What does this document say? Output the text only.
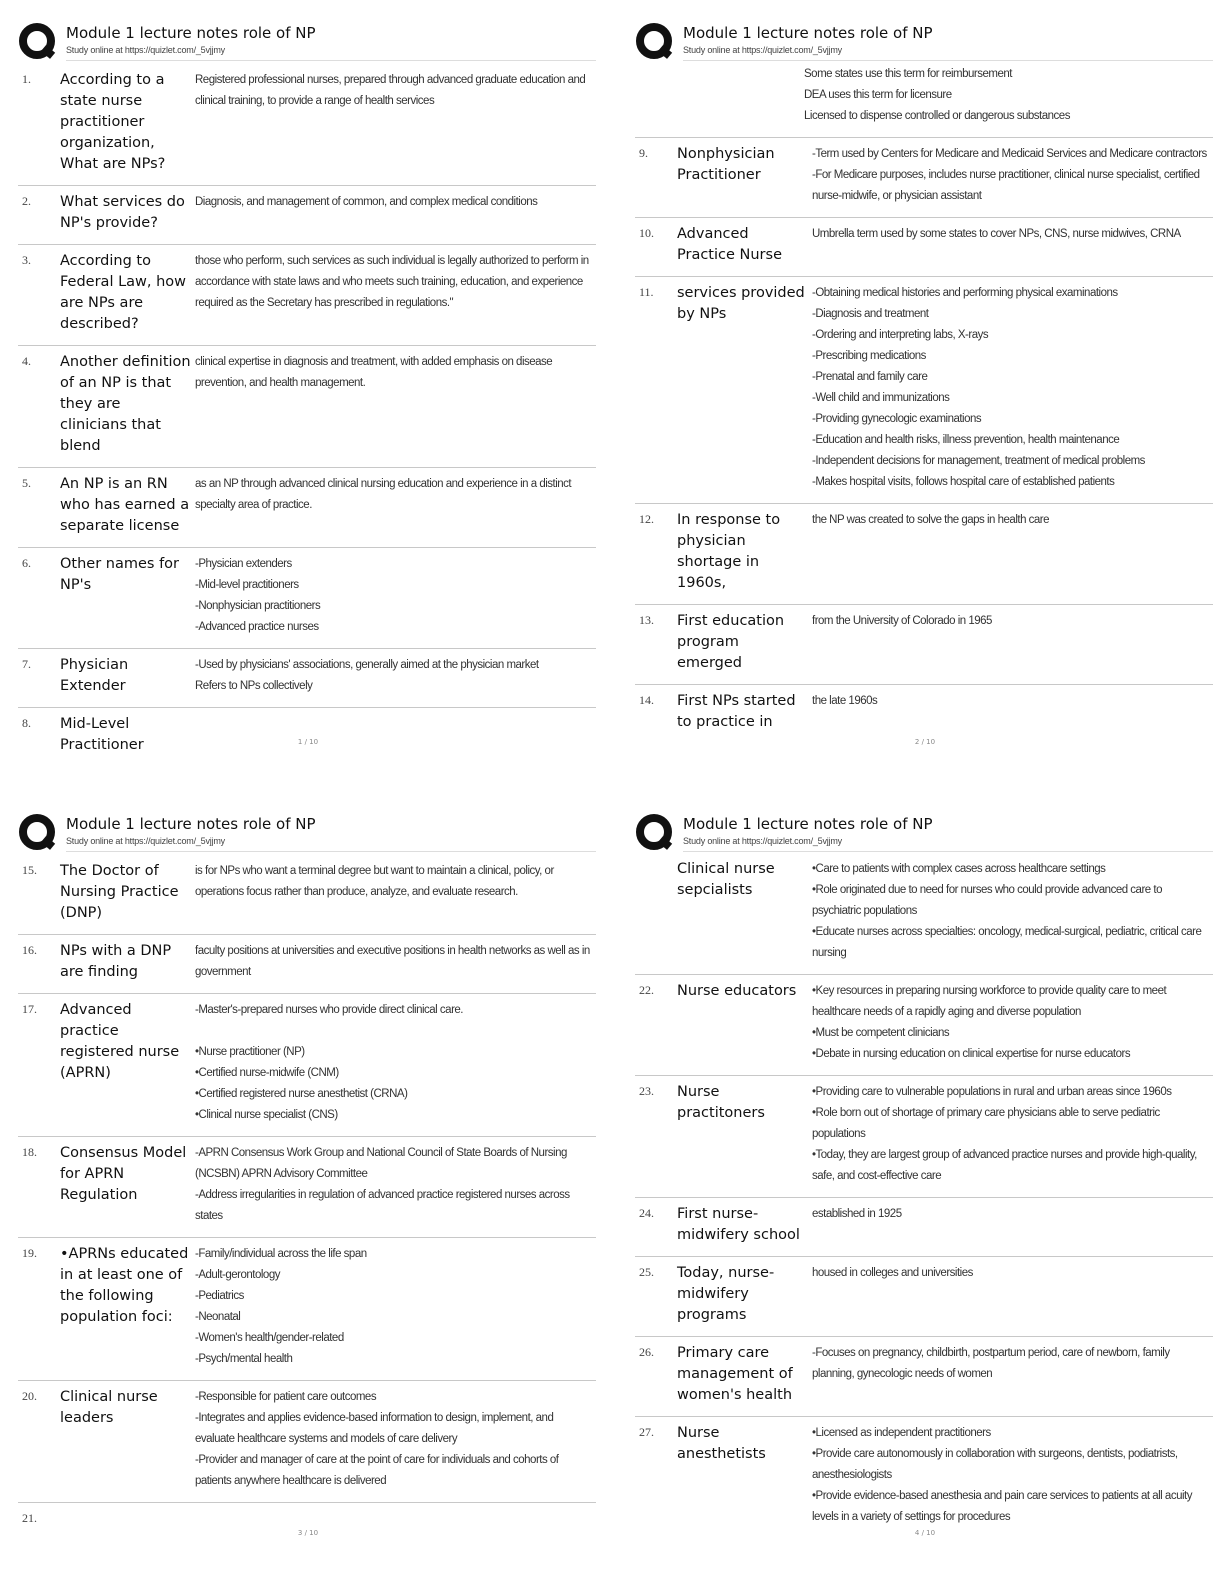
Module 1 lecture notes role of NP
Study online at https://quizlet.com/_5vjjmy
1.	According to a state nurse practitioner organization, What are NPs?
Registered professional nurses, prepared through advanced graduate education and clinical training, to provide a range of health services
2.	What services do NP's provide?
Diagnosis, and management of common, and complex medical conditions
3.	According to Federal Law, how are NPs are described?
those who perform, such services as such individual is legally authorized to perform in accordance with state laws and who meets such training, education, and experience required as the Secretary has prescribed in regulations."
4.	Another definition of an NP is that they are clinicians that blend
clinical expertise in diagnosis and treatment, with added emphasis on disease prevention, and health management.
5.	An NP is an RN who has earned a separate license
as an NP through advanced clinical nursing education and experience in a distinct specialty area of practice.
6.	Other names for NP's
-Physician extenders
-Mid-level practitioners
-Nonphysician practitioners
-Advanced practice nurses
7.	Physician Extender
-Used by physicians' associations, generally aimed at the physician market
Refers to NPs collectively
8.	Mid-Level Practitioner	1 / 10
Module 1 lecture notes role of NP
Study online at https://quizlet.com/_5vjjmy
Some states use this term for reimbursement
DEA uses this term for licensure
Licensed to dispense controlled or dangerous substances
9.	Nonphysician Practitioner
-Term used by Centers for Medicare and Medicaid Services and Medicare contractors
-For Medicare purposes, includes nurse practitioner, clinical nurse specialist, certified nurse-midwife, or physician assistant
10.	Advanced Practice Nurse
Umbrella term used by some states to cover NPs, CNS, nurse midwives, CRNA
11.	services provided by NPs
-Obtaining medical histories and performing physical examinations
-Diagnosis and treatment
-Ordering and interpreting labs, X-rays
-Prescribing medications
-Prenatal and family care
-Well child and immunizations
-Providing gynecologic examinations
-Education and health risks, illness prevention, health maintenance
-Independent decisions for management, treatment of medical problems
-Makes hospital visits, follows hospital care of established patients
12.	In response to physician shortage in 1960s,
the NP was created to solve the gaps in health care
13.	First education program emerged
from the University of Colorado in 1965
14.	First NPs started to practice in
the late 1960s
2 / 10
Module 1 lecture notes role of NP
Study online at https://quizlet.com/_5vjjmy
15.	The Doctor of Nursing Practice (DNP)
is for NPs who want a terminal degree but want to maintain a clinical, policy, or operations focus rather than produce, analyze, and evaluate research.
16.	NPs with a DNP are finding
faculty positions at universities and executive positions in health networks as well as in government
17.	Advanced practice registered nurse (APRN)
-Master's-prepared nurses who provide direct clinical care.

•Nurse practitioner (NP)
•Certified nurse-midwife (CNM)
•Certified registered nurse anesthetist (CRNA)
•Clinical nurse specialist (CNS)
18.	Consensus Model for APRN Regulation
-APRN Consensus Work Group and National Council of State Boards of Nursing (NCSBN) APRN Advisory Committee
-Address irregularities in regulation of advanced practice registered nurses across states
19.	•APRNs educated in at least one of the following population foci:
-Family/individual across the life span
-Adult-gerontology
-Pediatrics
-Neonatal
-Women's health/gender-related
-Psych/mental health
20.	Clinical nurse leaders
-Responsible for patient care outcomes
-Integrates and applies evidence-based information to design, implement, and evaluate healthcare systems and models of care delivery
-Provider and manager of care at the point of care for individuals and cohorts of patients anywhere healthcare is delivered
21.
3 / 10
Module 1 lecture notes role of NP
Study online at https://quizlet.com/_5vjjmy
Clinical nurse sepcialists
•Care to patients with complex cases across healthcare settings
•Role originated due to need for nurses who could provide advanced care to psychiatric populations
•Educate nurses across specialties: oncology, medical-surgical, pediatric, critical care nursing
22.	Nurse educators	•Key resources in preparing nursing workforce to provide quality care to meet healthcare needs of a rapidly aging and diverse population
•Must be competent clinicians
•Debate in nursing education on clinical expertise for nurse educators
23.	Nurse practitoners
•Providing care to vulnerable populations in rural and urban areas since 1960s
•Role born out of shortage of primary care physicians able to serve pediatric populations
•Today, they are largest group of advanced practice nurses and provide high-quality, safe, and cost-effective care
24.	First nurse-midwifery school
established in 1925
25.	Today, nurse-midwifery programs
housed in colleges and universities
26.	Primary care management of women's health
-Focuses on pregnancy, childbirth, postpartum period, care of newborn, family planning, gynecologic needs of women
27.	Nurse anesthetists
•Licensed as independent practitioners
•Provide care autonomously in collaboration with surgeons, dentists, podiatrists, anesthesiologists
•Provide evidence-based anesthesia and pain care services to patients at all acuity levels in a variety of settings for procedures
4 / 10
